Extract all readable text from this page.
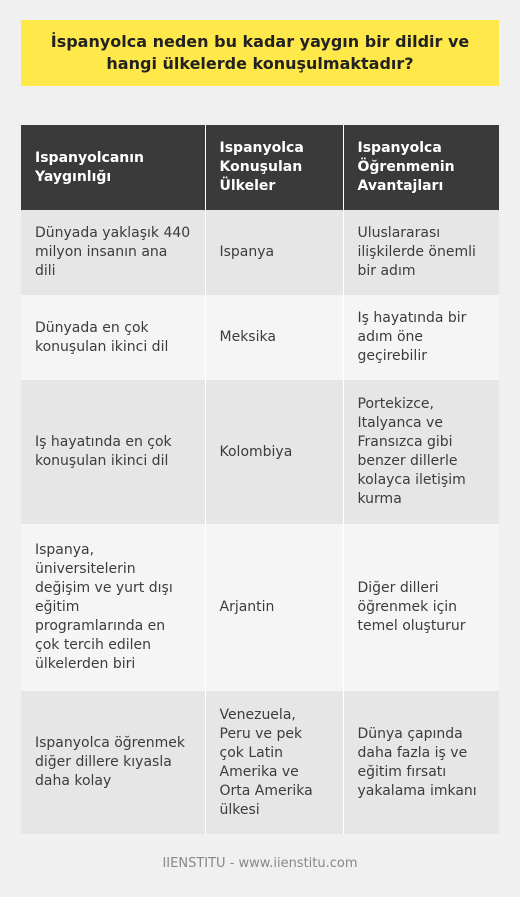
İspanyolca neden bu kadar yaygın bir dildir ve hangi ülkelerde konuşulmaktadır?
Ispanyolcanın Yaygınlığı	Ispanyolca Konuşulan Ülkeler	Ispanyolca Öğrenmenin Avantajları
Dünyada yaklaşık 440 milyon insanın ana dili	Ispanya	Uluslararası ilişkilerde önemli bir adım
Dünyada en çok konuşulan ikinci dil	Meksika	Iş hayatında bir adım öne geçirebilir
Iş hayatında en çok konuşulan ikinci dil	Kolombiya	Portekizce, Italyanca ve Fransızca gibi benzer dillerle kolayca iletişim kurma
Ispanya, üniversitelerin değişim ve yurt dışı eğitim programlarında en çok tercih edilen ülkelerden biri	Arjantin	Diğer dilleri öğrenmek için temel oluşturur
Ispanyolca öğrenmek diğer dillere kıyasla daha kolay	Venezuela, Peru ve pek çok Latin Amerika ve Orta Amerika ülkesi	Dünya çapında daha fazla iş ve eğitim fırsatı yakalama imkanı
IIENSTITU - www.iienstitu.com
